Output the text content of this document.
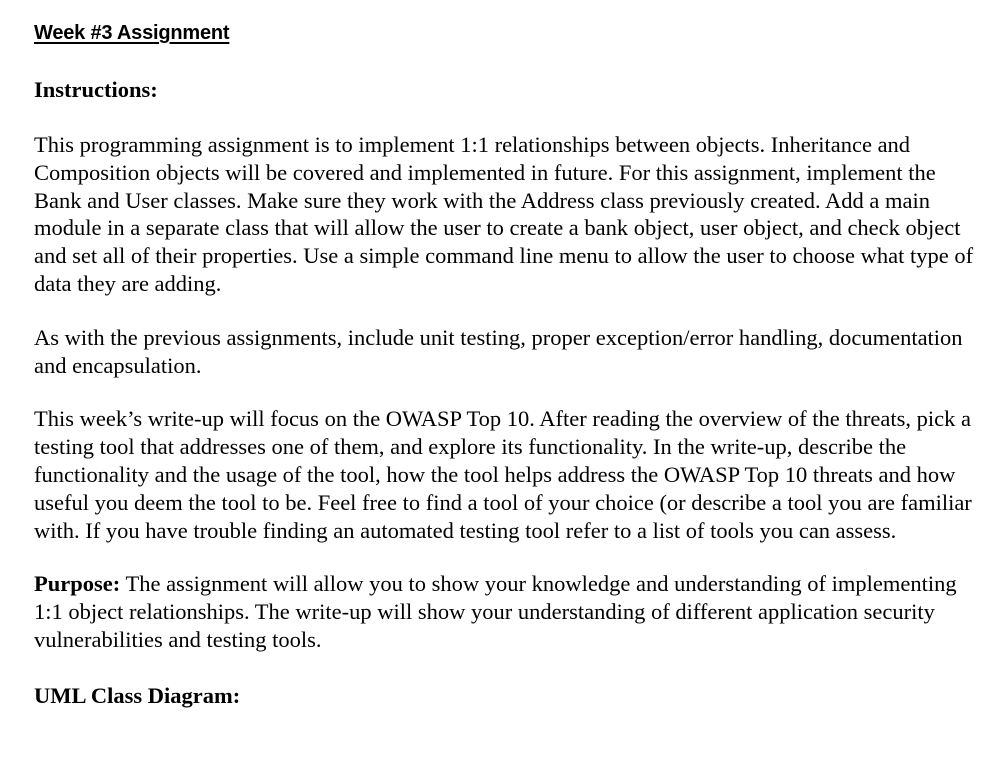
Week #3 Assignment
Instructions:

This programming assignment is to implement 1:1 relationships between objects. Inheritance and Composition objects will be covered and implemented in future. For this assignment, implement the Bank and User classes. Make sure they work with the Address class previously created. Add a main module in a separate class that will allow the user to create a bank object, user object, and check object and set all of their properties. Use a simple command line menu to allow the user to choose what type of data they are adding.

As with the previous assignments, include unit testing, proper exception/error handling, documentation and encapsulation.

This week’s write-up will focus on the OWASP Top 10. After reading the overview of the threats, pick a testing tool that addresses one of them, and explore its functionality. In the write-up, describe the functionality and the usage of the tool, how the tool helps address the OWASP Top 10 threats and how useful you deem the tool to be. Feel free to find a tool of your choice (or describe a tool you are familiar with. If you have trouble finding an automated testing tool refer to a list of tools you can assess.

Purpose: The assignment will allow you to show your knowledge and understanding of implementing 1:1 object relationships. The write-up will show your understanding of different application security vulnerabilities and testing tools.

UML Class Diagram:
